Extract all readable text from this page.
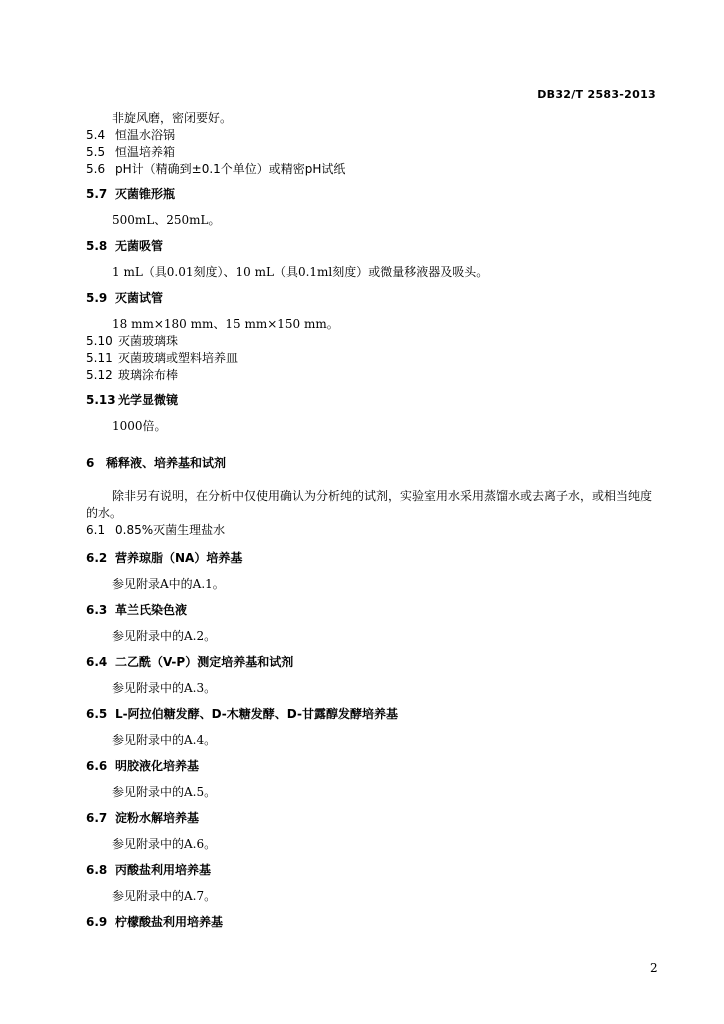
DB32/T 2583-2013
非旋风磨，密闭要好。
5.4 恒温水浴锅
5.5 恒温培养箱
5.6 pH计（精确到±0.1个单位）或精密pH试纸
5.7 灭菌锥形瓶
500mL、250mL。
5.8 无菌吸管
1 mL（具0.01刻度）、10 mL（具0.1ml刻度）或微量移液器及吸头。
5.9 灭菌试管
18 mm×180 mm、15 mm×150 mm。
5.10 灭菌玻璃珠
5.11 灭菌玻璃或塑料培养皿
5.12 玻璃涂布棒
5.13 光学显微镜
1000倍。
6 稀释液、培养基和试剂
除非另有说明，在分析中仅使用确认为分析纯的试剂，实验室用水采用蒸馏水或去离子水，或相当纯度的水。
6.1 0.85%灭菌生理盐水
6.2 营养琼脂（NA）培养基
参见附录A中的A.1。
6.3 革兰氏染色液
参见附录中的A.2。
6.4 二乙酰（V-P）测定培养基和试剂
参见附录中的A.3。
6.5 L-阿拉伯糖发酵、D-木糖发酵、D-甘露醇发酵培养基
参见附录中的A.4。
6.6 明胶液化培养基
参见附录中的A.5。
6.7 淀粉水解培养基
参见附录中的A.6。
6.8 丙酸盐利用培养基
参见附录中的A.7。
6.9 柠檬酸盐利用培养基
2
